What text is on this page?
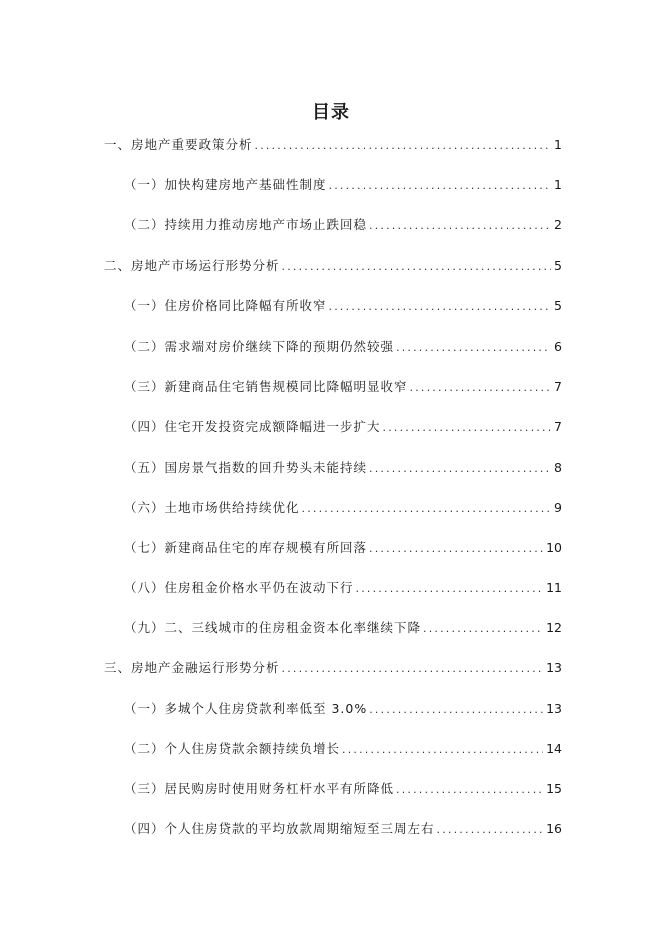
目录
一、房地产重要政策分析 .....	1
（一）加快构建房地产基础性制度 .....	1
（二）持续用力推动房地产市场止跌回稳 .....	2
二、房地产市场运行形势分析 .....	5
（一）住房价格同比降幅有所收窄 .....	5
（二）需求端对房价继续下降的预期仍然较强 .....	6
（三）新建商品住宅销售规模同比降幅明显收窄 .....	7
（四）住宅开发投资完成额降幅进一步扩大 .....	7
（五）国房景气指数的回升势头未能持续 .....	8
（六）土地市场供给持续优化 .....	9
（七）新建商品住宅的库存规模有所回落 .....	10
（八）住房租金价格水平仍在波动下行 .....	11
（九）二、三线城市的住房租金资本化率继续下降 .....	12
三、房地产金融运行形势分析 .....	13
（一）多城个人住房贷款利率低至 3.0% .....	13
（二）个人住房贷款余额持续负增长 .....	14
（三）居民购房时使用财务杠杆水平有所降低 .....	15
（四）个人住房贷款的平均放款周期缩短至三周左右 .....	16
